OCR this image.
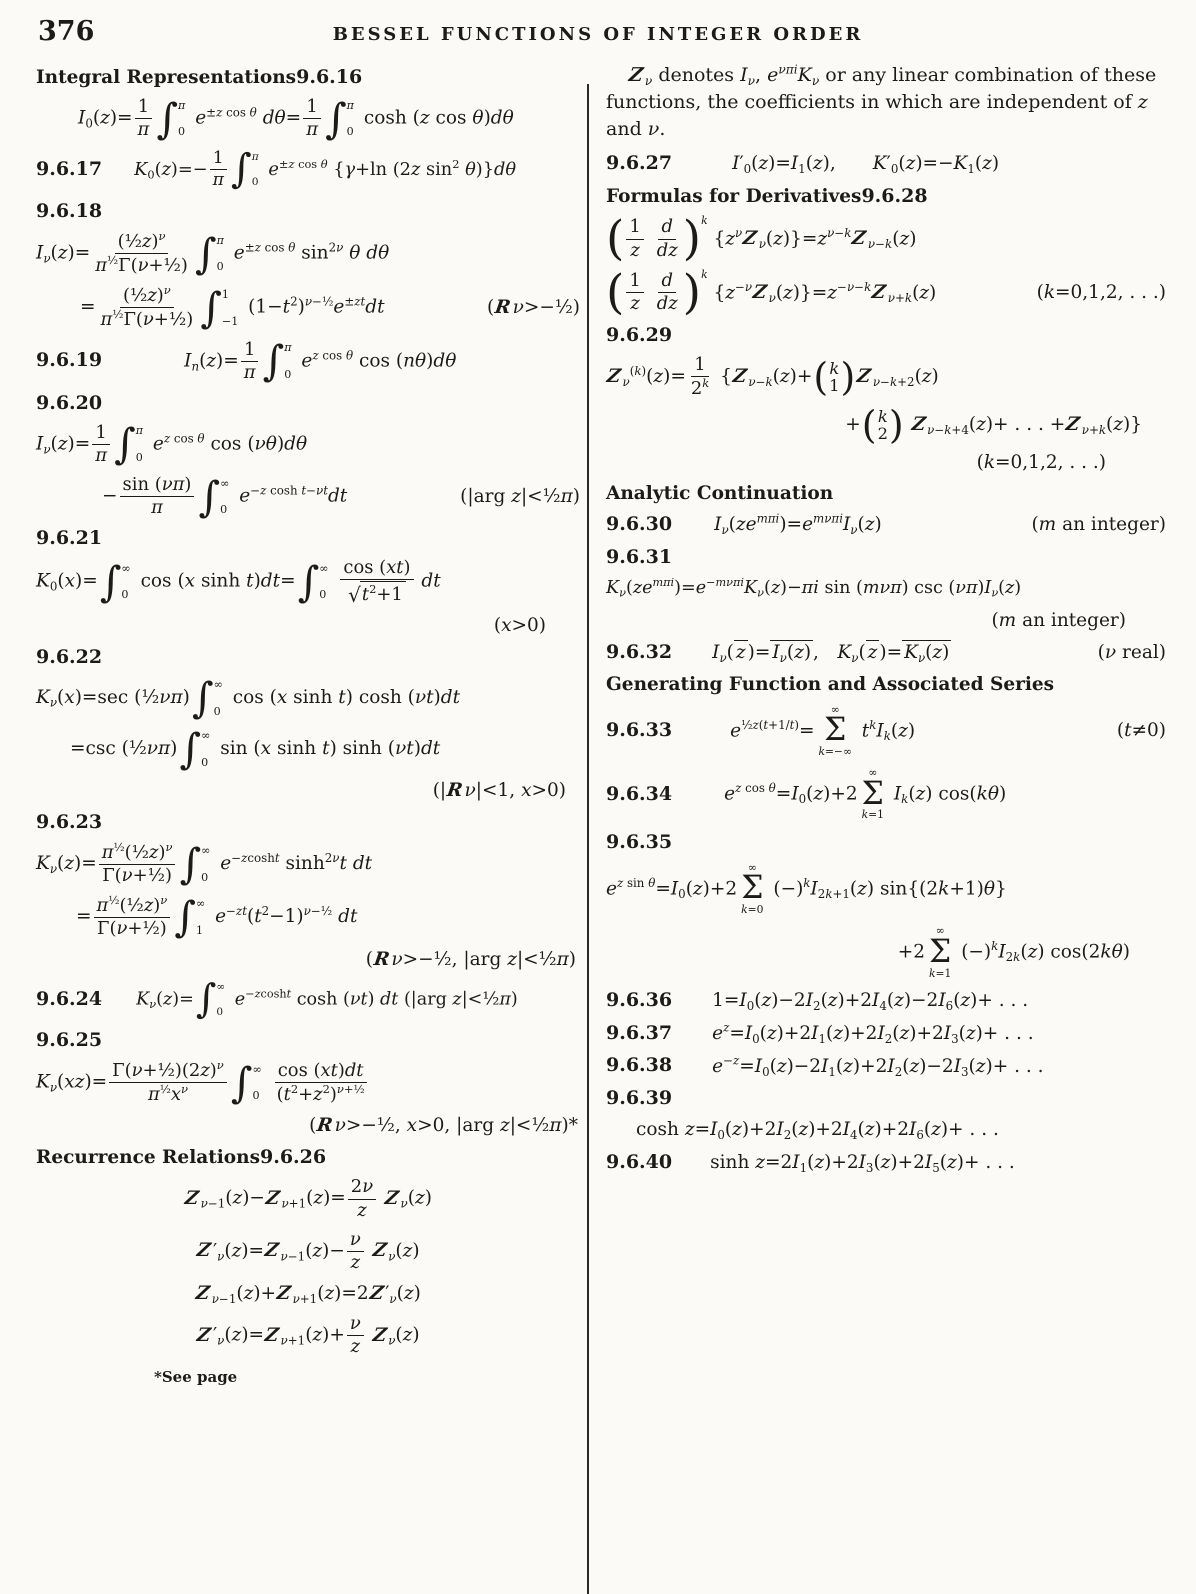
376	BESSEL FUNCTIONS OF INTEGER ORDER
Integral Representations9.6.16
$I_0(z)= \frac{1}{\pi}$ ∫ π
0
$e^{\pm z cos \theta}$ $d\theta= \frac{1}{\pi}$ ∫ π
0
cosh (z cos θ)dθ
9.6.17	$K_0(z)=- \frac{1}{\pi}$ ∫ π
0
$e^{\pm z cos \theta}$ {γ+ln (2z $\sin^2 \theta)\}d\theta$
9.6.18
$I_\nu(z)= \frac{(\frac{1}{2}z)^\nu}{\pi^{\frac{1}{2}}\Gamma(\nu+\frac{1}{2})}$ ∫ π
0
$e^{\pm z cos \theta}$ $\sin^{2\nu} \theta$ dθ
= $\frac{(\frac{1}{2}z)^\nu}{\pi^{\frac{1}{2}}\Gamma(\nu+\frac{1}{2})}$ ∫ 1
−1
$(1-t^2)^{\nu-\frac{1}{2}}e^{\pm zt}dt$	(Rν>−½)
9.6.19	$I_n(z)= \frac{1}{\pi}$ ∫ π
0
$e^{z cos \theta}$ cos (nθ)dθ
9.6.20
$I_\nu(z)= \frac{1}{\pi}$ ∫ π
0
$e^{z cos \theta}$ cos (νθ)dθ
− $\frac{\sin (\nu\pi)}{\pi}$ ∫ ∞
0
$e^{-z cosh t-\nu t}dt$	(|arg z|<½π)
9.6.21
$K_0(x)=$ ∫ ∞
0
cos (x sinh t)dt= ∫ ∞
0
$\frac{\cos (xt)}{√ t^2+1}$ dt
(x>0)
9.6.22
$K_\nu(x)=\sec$ (½νπ) ∫ ∞
0
cos (x sinh t) cosh (νt)dt
=csc (½νπ) ∫ ∞
0
sin (x sinh t) sinh (νt)dt
(|Rν|<1, x>0)
9.6.23
$K_\nu(z)= \frac{\pi^{\frac{1}{2}}(\frac{1}{2}z)^\nu}{\text{Γ(ν+½)}}$ ∫ ∞
0
$e^{-zcosht}$ $\sinh^{2\nu}t$ dt
= $\frac{\pi^{\frac{1}{2}}(\frac{1}{2}z)^\nu}{\text{Γ(ν+½)}}$ ∫ ∞
1
$e^{-zt}(t^2-1)^{\nu-\frac{1}{2}}$ dt
(Rν>−½, |arg z|<½π)
9.6.24	$K_\nu(z)=$ ∫ ∞
0
$e^{-zcosht}$ cosh (νt) dt (|arg z|<½π)
9.6.25
$K_\nu(xz)= \frac{\Gamma(\nu+\frac{1}{2})(2z)^\nu}{\pi^{\frac{1}{2}}x^\nu}$ ∫ ∞
0
$\frac{\cos (xt)dt}{(t^2+z^2)^{\nu+\frac{1}{2}}}$
(Rν>−½, x>0, |arg z|<½π)*
Recurrence Relations9.6.26
$Z_{\nu-1}(z)-Z_{\nu+1}(z)= \frac{2\nu}{z} Z_\nu(z)$
$Z'_\nu(z)=Z_{\nu-1}(z)- \frac{\nu}{z} Z_\nu(z)$
$Z_{\nu-1}(z)+Z_{\nu+1}(z)=2Z'_\nu(z)$
$Z'_\nu(z)=Z_{\nu+1}(z)+ \frac{\nu}{z} Z_\nu(z)$
*See page
$Z_\nu$ denotes $I_\nu$, $e^{\nu\pi i}K_\nu$ or any linear combination of these functions, the coefficients in which are independent of z and ν.
9.6.27	$I'_0(z)=I_1(z)$,  $K'_0(z)=-K_1(z)$
Formulas for Derivatives9.6.28
( $\frac{1}{z}$
$\frac{d}{dz}$ ) $^k$ $\{z^\nu Z_\nu(z)\}=z^{\nu-k}Z_{\nu-k}(z)$
( $\frac{1}{z}$
$\frac{d}{dz}$ ) $^k$ $\{z^{-\nu}Z_\nu(z)\}=z^{-\nu-k}Z_{\nu+k}(z)$	(k=0,1,2, . . .)
9.6.29
$Z_\nu^{(k)}(z)= \frac{1}{2^k} \{Z_{\nu-k}(z)+$ ( k
1 ) $Z_{\nu-k+2}(z)$
+ ( k
2 ) $Z_{\nu-k+4}(z)+$ . . . $+Z_{\nu+k}(z)$}
(k=0,1,2, . . .)
Analytic Continuation
9.6.30	$I_\nu(ze^{m\pi i})=e^{m\nu\pi i}I_\nu(z)$	(m an integer)
9.6.31
$K_\nu(ze^{m\pi i})=e^{-m\nu\pi i}K_\nu(z)-\pi i$ sin (mνπ) $\csc (\nu\pi)I_\nu(z)$
(m an integer)
9.6.32	$I_\nu$( z )= $I_\nu(z)$ , $K_\nu$( z )= $K_\nu(z)$	(ν real)
Generating Function and Associated Series
9.6.33	$e^{\frac{1}{2}z(t+1/t)}=$
∞
Σ
k=−∞
$t^kI_k(z)$	(t≠0)
9.6.34	$e^{z cos \theta}=I_0(z)+2$
∞
Σ
k=1
$I_k(z)$ cos(kθ)
9.6.35
$e^{z sin \theta}=I_0(z)+2$
∞
Σ
k=0
$(-)^kI_{2k+1}(z)$ sin{(2k+1)θ}
+2
∞
Σ
k=1
$(-)^kI_{2k}(z)$ cos(2kθ)
9.6.36	$1=I_0(z)-2I_2(z)+2I_4(z)-2I_6(z)+$ . . .
9.6.37	$e^z=I_0(z)+2I_1(z)+2I_2(z)+2I_3(z)+$ . . .
9.6.38	$e^{-z}=I_0(z)-2I_1(z)+2I_2(z)-2I_3(z)+$ . . .
9.6.39
$\cosh z=I_0(z)+2I_2(z)+2I_4(z)+2I_6(z)+$ . . .
9.6.40	$\sinh z=2I_1(z)+2I_3(z)+2I_5(z)+$ . . .
